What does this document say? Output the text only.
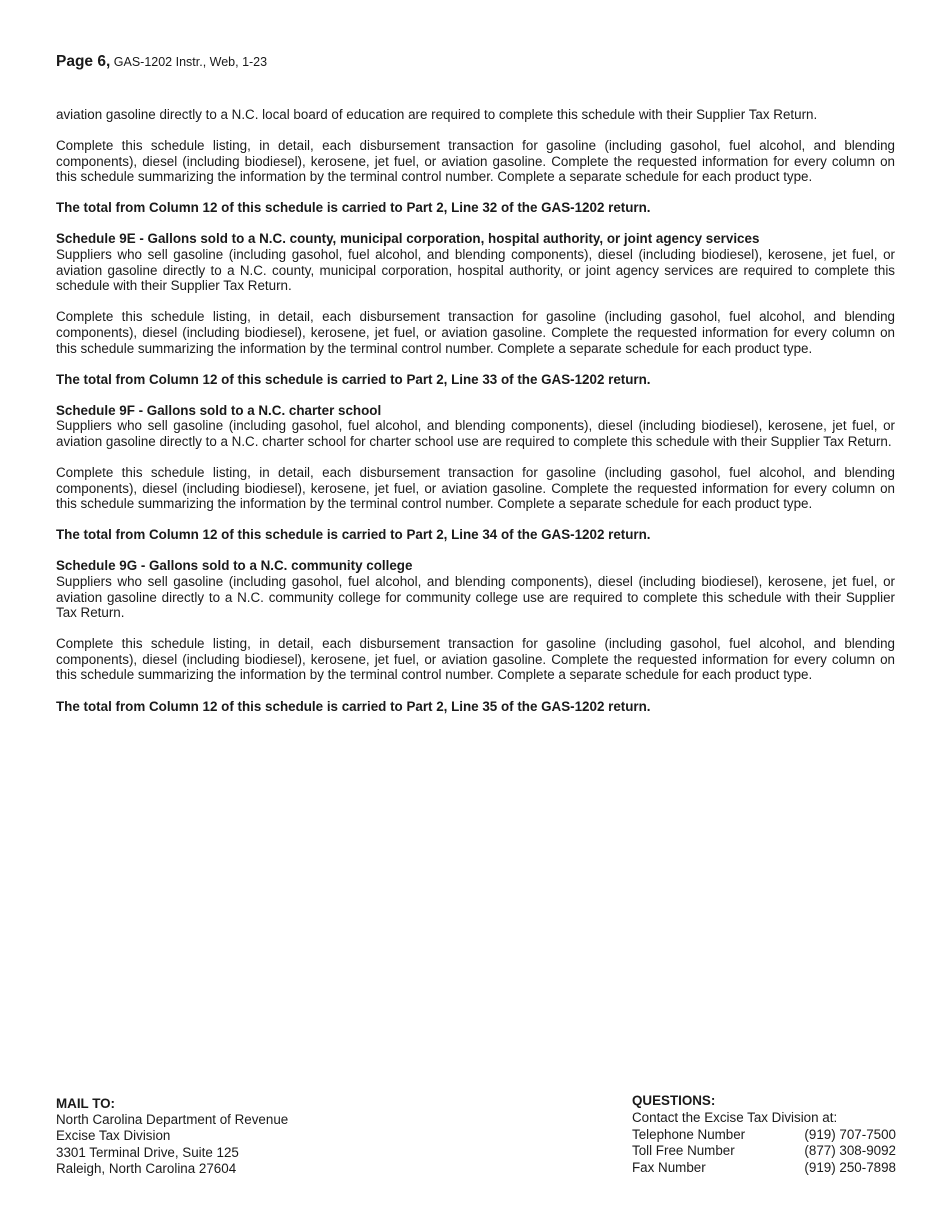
Page 6, GAS-1202 Instr., Web, 1-23

aviation gasoline directly to a N.C. local board of education are required to complete this schedule with their Supplier Tax Return.

Complete this schedule listing, in detail, each disbursement transaction for gasoline (including gasohol, fuel alcohol, and blending components), diesel (including biodiesel), kerosene, jet fuel, or aviation gasoline. Complete the requested information for every column on this schedule summarizing the information by the terminal control number. Complete a separate schedule for each product type.

The total from Column 12 of this schedule is carried to Part 2, Line 32 of the GAS-1202 return.

Schedule 9E - Gallons sold to a N.C. county, municipal corporation, hospital authority, or joint agency services

Suppliers who sell gasoline (including gasohol, fuel alcohol, and blending components), diesel (including biodiesel), kerosene, jet fuel, or aviation gasoline directly to a N.C. county, municipal corporation, hospital authority, or joint agency services are required to complete this schedule with their Supplier Tax Return.

Complete this schedule listing, in detail, each disbursement transaction for gasoline (including gasohol, fuel alcohol, and blending components), diesel (including biodiesel), kerosene, jet fuel, or aviation gasoline. Complete the requested information for every column on this schedule summarizing the information by the terminal control number. Complete a separate schedule for each product type.

The total from Column 12 of this schedule is carried to Part 2, Line 33 of the GAS-1202 return.

Schedule 9F - Gallons sold to a N.C. charter school

Suppliers who sell gasoline (including gasohol, fuel alcohol, and blending components), diesel (including biodiesel), kerosene, jet fuel, or aviation gasoline directly to a N.C. charter school for charter school use are required to complete this schedule with their Supplier Tax Return.

Complete this schedule listing, in detail, each disbursement transaction for gasoline (including gasohol, fuel alcohol, and blending components), diesel (including biodiesel), kerosene, jet fuel, or aviation gasoline. Complete the requested information for every column on this schedule summarizing the information by the terminal control number. Complete a separate schedule for each product type.

The total from Column 12 of this schedule is carried to Part 2, Line 34 of the GAS-1202 return.

Schedule 9G - Gallons sold to a N.C. community college

Suppliers who sell gasoline (including gasohol, fuel alcohol, and blending components), diesel (including biodiesel), kerosene, jet fuel, or aviation gasoline directly to a N.C. community college for community college use are required to complete this schedule with their Supplier Tax Return.

Complete this schedule listing, in detail, each disbursement transaction for gasoline (including gasohol, fuel alcohol, and blending components), diesel (including biodiesel), kerosene, jet fuel, or aviation gasoline. Complete the requested information for every column on this schedule summarizing the information by the terminal control number. Complete a separate schedule for each product type.

The total from Column 12 of this schedule is carried to Part 2, Line 35 of the GAS-1202 return.

MAIL TO:
North Carolina Department of Revenue
Excise Tax Division
3301 Terminal Drive, Suite 125
Raleigh, North Carolina 27604
QUESTIONS:
Contact the Excise Tax Division at:
Telephone Number	(919) 707-7500
Toll Free Number	(877) 308-9092
Fax Number	(919) 250-7898
